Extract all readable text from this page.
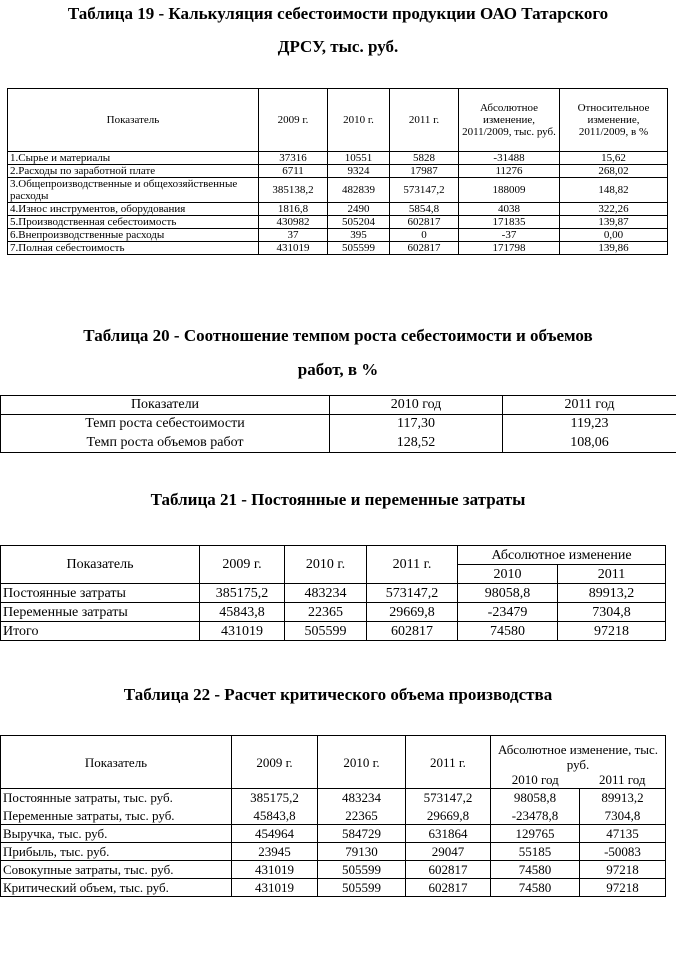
Таблица 19 - Калькуляция себестоимости продукции ОАО Татарского
ДРСУ, тыс. руб.
Показатель	2009 г.	2010 г.	2011 г.	Абсолютное изменение, 2011/2009, тыс. руб.	Относительное изменение, 2011/2009, в %
1.Сырье и материалы	37316	10551	5828	-31488	15,62
2.Расходы по заработной плате	6711	9324	17987	11276	268,02
3.Общепроизводственные и общехозяйственные расходы	385138,2	482839	573147,2	188009	148,82
4.Износ инструментов, оборудования	1816,8	2490	5854,8	4038	322,26
5.Производственная себестоимость	430982	505204	602817	171835	139,87
6.Внепроизводственные расходы	37	395	0	-37	0,00
7.Полная себестоимость	431019	505599	602817	171798	139,86
Таблица 20 - Соотношение темпом роста себестоимости и объемов
работ, в %
Показатели	2010 год	2011 год
Темп роста себестоимости	117,30	119,23
Темп роста объемов работ	128,52	108,06
Таблица 21 - Постоянные и переменные затраты
Показатель	2009 г.	2010 г.	2011 г.	Абсолютное изменение	
				2010	2011
Постоянные затраты	385175,2	483234	573147,2	98058,8	89913,2
Переменные затраты	45843,8	22365	29669,8	-23479	7304,8
Итого	431019	505599	602817	74580	97218
Таблица 22 - Расчет критического объема производства
Показатель	2009 г.	2010 г.	2011 г.	Абсолютное изменение, тыс. руб.	
				2010 год	2011 год
Постоянные затраты, тыс. руб.	385175,2	483234	573147,2	98058,8	89913,2
Переменные затраты, тыс. руб.	45843,8	22365	29669,8	-23478,8	7304,8
Выручка, тыс. руб.	454964	584729	631864	129765	47135
Прибыль, тыс. руб.	23945	79130	29047	55185	-50083
Совокупные затраты, тыс. руб.	431019	505599	602817	74580	97218
Критический объем, тыс. руб.	431019	505599	602817	74580	97218
